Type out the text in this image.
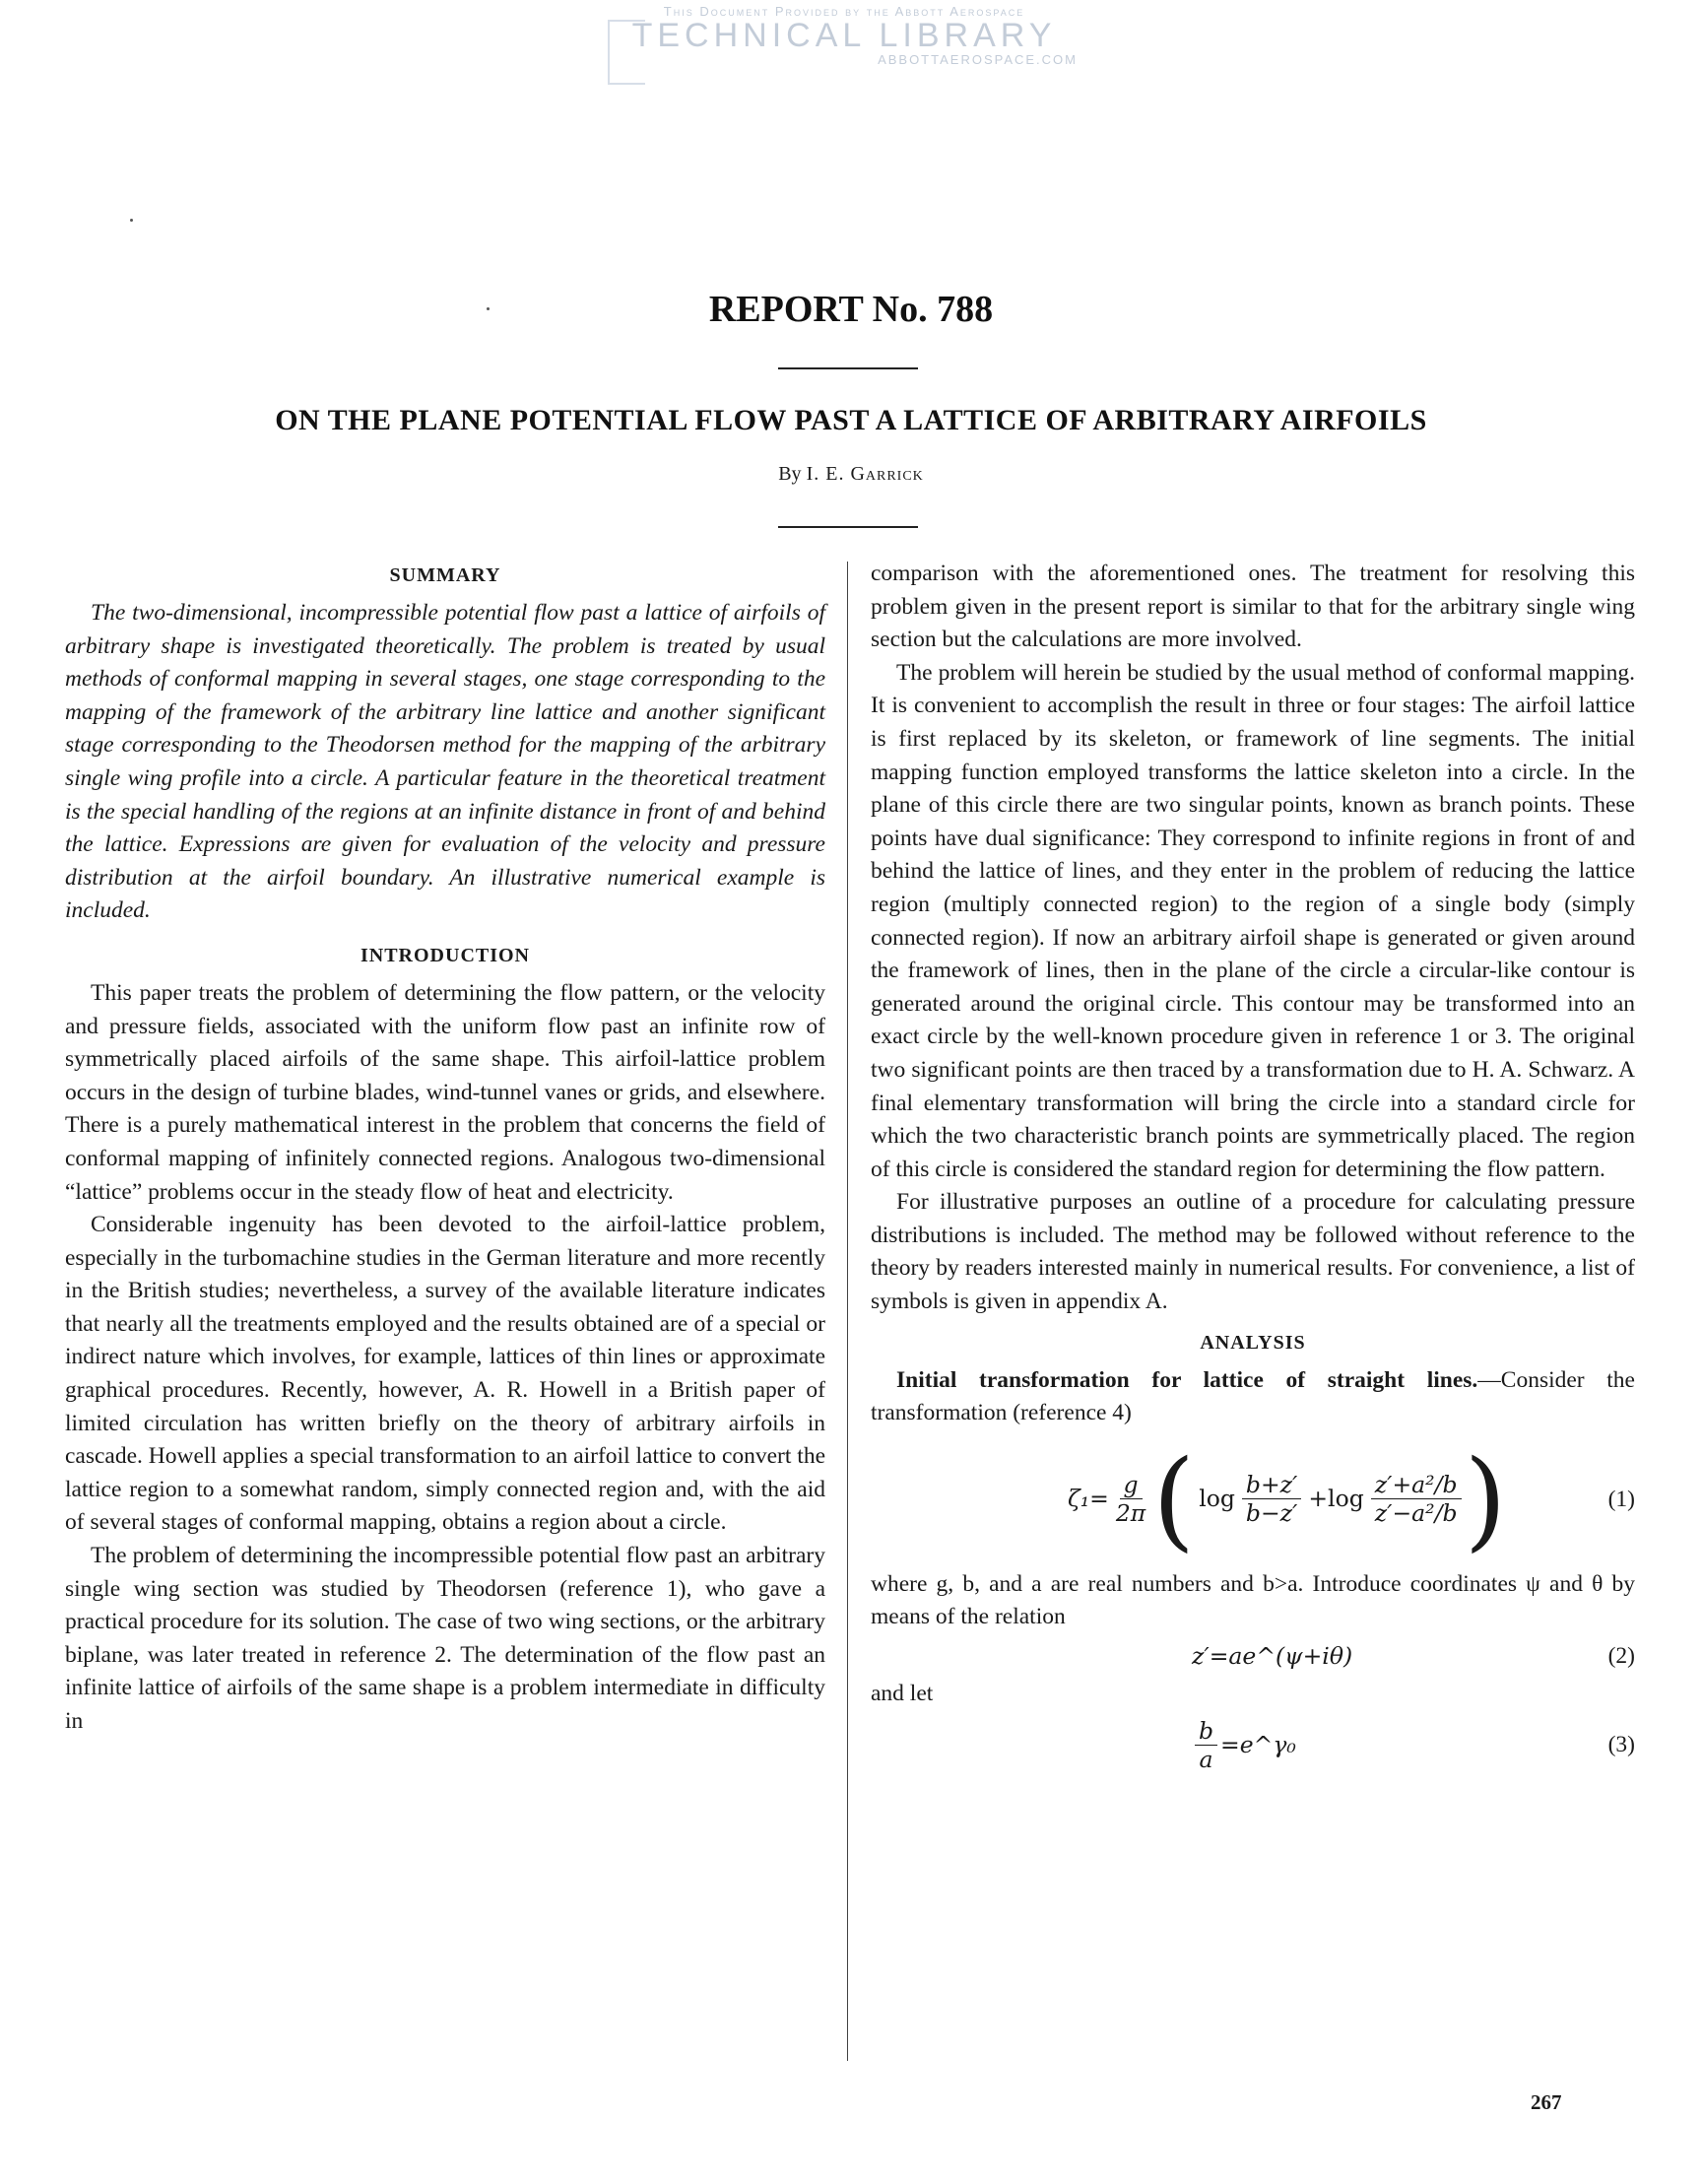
This Document Provided by the Abbott Aerospace
TECHNICAL LIBRARY
ABBOTTAEROSPACE.COM
REPORT No. 788
ON THE PLANE POTENTIAL FLOW PAST A LATTICE OF ARBITRARY AIRFOILS
By I. E. Garrick
SUMMARY

The two-dimensional, incompressible potential flow past a lattice of airfoils of arbitrary shape is investigated theoretically. The problem is treated by usual methods of conformal mapping in several stages, one stage corresponding to the mapping of the framework of the arbitrary line lattice and another significant stage corresponding to the Theodorsen method for the mapping of the arbitrary single wing profile into a circle. A particular feature in the theoretical treatment is the special handling of the regions at an infinite distance in front of and behind the lattice. Expressions are given for evaluation of the velocity and pressure distribution at the airfoil boundary. An illustrative numerical example is included.

INTRODUCTION

This paper treats the problem of determining the flow pattern, or the velocity and pressure fields, associated with the uniform flow past an infinite row of symmetrically placed airfoils of the same shape. This airfoil-lattice problem occurs in the design of turbine blades, wind-tunnel vanes or grids, and elsewhere. There is a purely mathematical interest in the problem that concerns the field of conformal mapping of infinitely connected regions. Analogous two-dimensional “lattice” problems occur in the steady flow of heat and electricity.

Considerable ingenuity has been devoted to the airfoil-lattice problem, especially in the turbomachine studies in the German literature and more recently in the British studies; nevertheless, a survey of the available literature indicates that nearly all the treatments employed and the results obtained are of a special or indirect nature which involves, for example, lattices of thin lines or approximate graphical procedures. Recently, however, A. R. Howell in a British paper of limited circulation has written briefly on the theory of arbitrary airfoils in cascade. Howell applies a special transformation to an airfoil lattice to convert the lattice region to a somewhat random, simply connected region and, with the aid of several stages of conformal mapping, obtains a region about a circle.

The problem of determining the incompressible potential flow past an arbitrary single wing section was studied by Theodorsen (reference 1), who gave a practical procedure for its solution. The case of two wing sections, or the arbitrary biplane, was later treated in reference 2. The determination of the flow past an infinite lattice of airfoils of the same shape is a problem intermediate in difficulty in

comparison with the aforementioned ones. The treatment for resolving this problem given in the present report is similar to that for the arbitrary single wing section but the calculations are more involved.

The problem will herein be studied by the usual method of conformal mapping. It is convenient to accomplish the result in three or four stages: The airfoil lattice is first replaced by its skeleton, or framework of line segments. The initial mapping function employed transforms the lattice skeleton into a circle. In the plane of this circle there are two singular points, known as branch points. These points have dual significance: They correspond to infinite regions in front of and behind the lattice of lines, and they enter in the problem of reducing the lattice region (multiply connected region) to the region of a single body (simply connected region). If now an arbitrary airfoil shape is generated or given around the framework of lines, then in the plane of the circle a circular-like contour is generated around the original circle. This contour may be transformed into an exact circle by the well-known procedure given in reference 1 or 3. The original two significant points are then traced by a transformation due to H. A. Schwarz. A final elementary transformation will bring the circle into a standard circle for which the two characteristic branch points are symmetrically placed. The region of this circle is considered the standard region for determining the flow pattern.

For illustrative purposes an outline of a procedure for calculating pressure distributions is included. The method may be followed without reference to the theory by readers interested mainly in numerical results. For convenience, a list of symbols is given in appendix A.

ANALYSIS

Initial transformation for lattice of straight lines.—Consider the transformation (reference 4)

$\zeta_1= \frac{g}{2\pi}$ ( $\log \frac{b+z'}{b-z'} +\log \frac{\text{z′+a²/b}}{\text{z′−a²/b}}$ )	(1)

where g, b, and a are real numbers and b>a. Introduce coordinates ψ and θ by means of the relation

z′=ae^(ψ+iθ)	(2)

and let

$\frac{b}{a}$ =e^γ₀	(3)
267
